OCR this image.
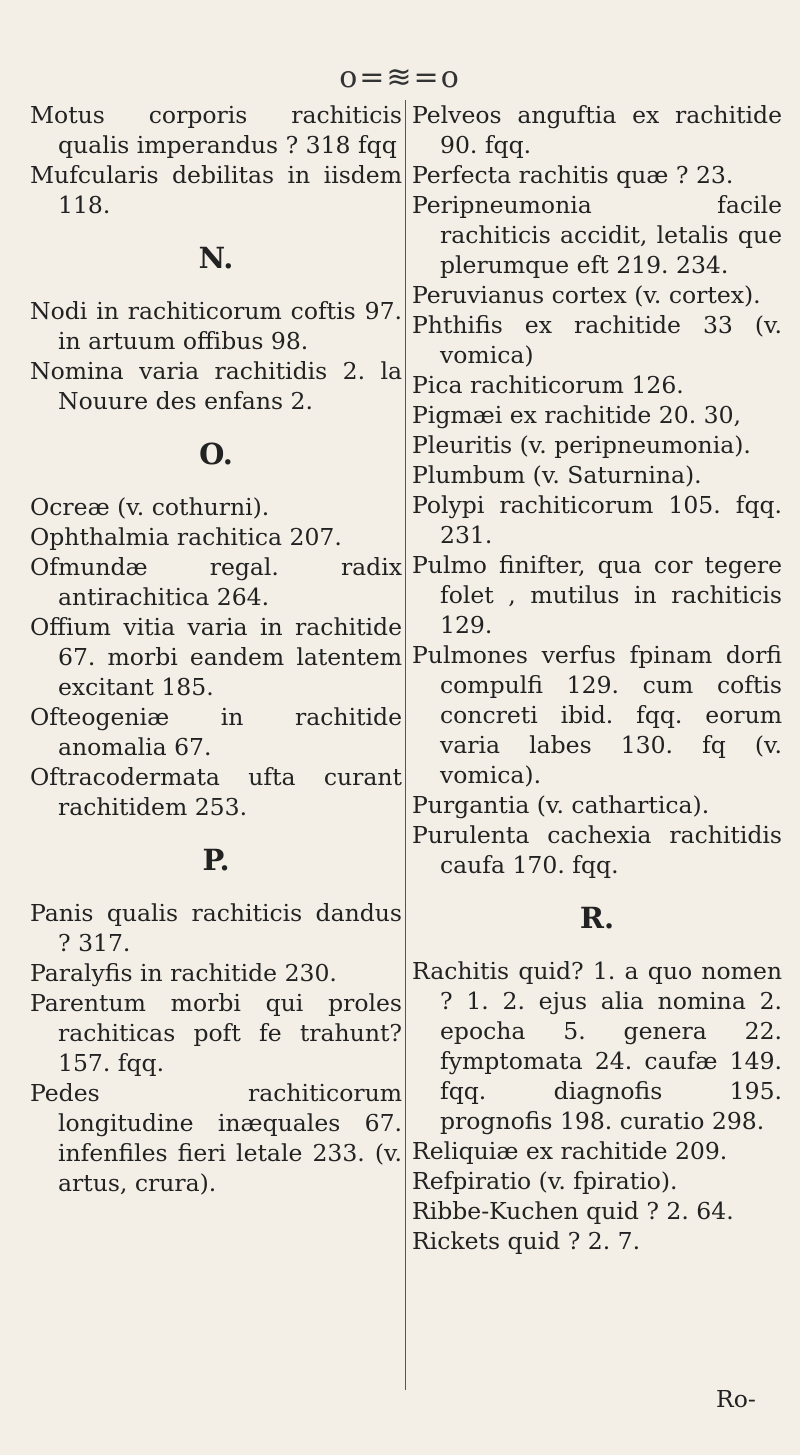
o=≋=o
Motus corporis rachiticis qualis imperandus ? 318 fqq
Mufcularis debilitas in iisdem 118.
N.
Nodi in rachiticorum coftis 97. in artuum offibus 98.
Nomina varia rachitidis 2. la Nouure des enfans 2.
O.
Ocreæ (v. cothurni).
Ophthalmia rachitica 207.
Ofmundæ regal. radix antirachitica 264.
Offium vitia varia in rachitide 67. morbi eandem latentem excitant 185.
Ofteogeniæ in rachitide anomalia 67.
Oftracodermata ufta curant rachitidem 253.
P.
Panis qualis rachiticis dandus ? 317.
Paralyfis in rachitide 230.
Parentum morbi qui proles rachiticas poft fe trahunt? 157. fqq.
Pedes rachiticorum longitudine inæquales 67. infenfiles fieri letale 233. (v. artus, crura).
Pelveos anguftia ex rachitide 90. fqq.
Perfecta rachitis quæ ? 23.
Peripneumonia facile rachiticis accidit, letalis que plerumque eft 219. 234.
Peruvianus cortex (v. cortex).
Phthifis ex rachitide 33 (v. vomica)
Pica rachiticorum 126.
Pigmæi ex rachitide 20. 30,
Pleuritis (v. peripneumonia).
Plumbum (v. Saturnina).
Polypi rachiticorum 105. fqq. 231.
Pulmo finifter, qua cor tegere folet , mutilus in rachiticis 129.
Pulmones verfus fpinam dorfi compulfi 129. cum coftis concreti ibid. fqq. eorum varia labes 130. fq (v. vomica).
Purgantia (v. cathartica).
Purulenta cachexia rachitidis caufa 170. fqq.
R.
Rachitis quid? 1. a quo nomen ? 1. 2. ejus alia nomina 2. epocha 5. genera 22. fymptomata 24. caufæ 149. fqq. diagnofis 195. prognofis 198. curatio 298.
Reliquiæ ex rachitide 209.
Refpiratio (v. fpiratio).
Ribbe-Kuchen quid ? 2. 64.
Rickets quid ? 2. 7.
Ro-
